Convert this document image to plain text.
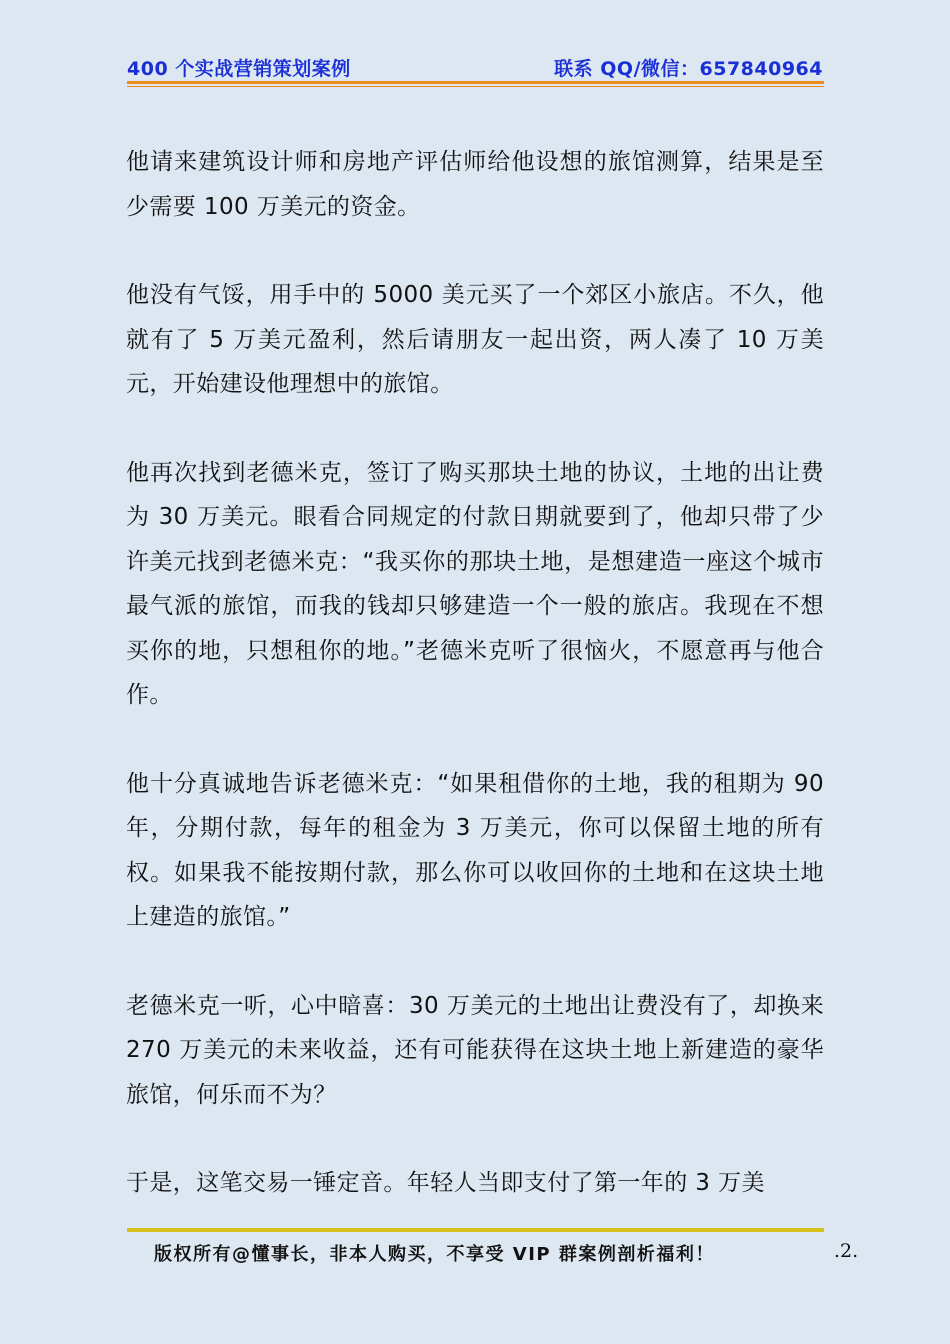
400 个实战营销策划案例	联系 QQ/微信：657840964

他请来建筑设计师和房地产评估师给他设想的旅馆测算，结果是至少需要 100 万美元的资金。

他没有气馁，用手中的 5000 美元买了一个郊区小旅店。不久，他就有了 5 万美元盈利，然后请朋友一起出资，两人凑了 10 万美元，开始建设他理想中的旅馆。

他再次找到老德米克，签订了购买那块土地的协议，土地的出让费为 30 万美元。眼看合同规定的付款日期就要到了，他却只带了少许美元找到老德米克：“我买你的那块土地，是想建造一座这个城市最气派的旅馆，而我的钱却只够建造一个一般的旅店。我现在不想买你的地，只想租你的地。”老德米克听了很恼火，不愿意再与他合作。

他十分真诚地告诉老德米克：“如果租借你的土地，我的租期为 90 年，分期付款，每年的租金为 3 万美元，你可以保留土地的所有权。如果我不能按期付款，那么你可以收回你的土地和在这块土地上建造的旅馆。”

老德米克一听，心中暗喜：30 万美元的土地出让费没有了，却换来 270 万美元的未来收益，还有可能获得在这块土地上新建造的豪华旅馆，何乐而不为？

于是，这笔交易一锤定音。年轻人当即支付了第一年的 3 万美

版权所有@懂事长，非本人购买，不享受 VIP 群案例剖析福利！	.2.
